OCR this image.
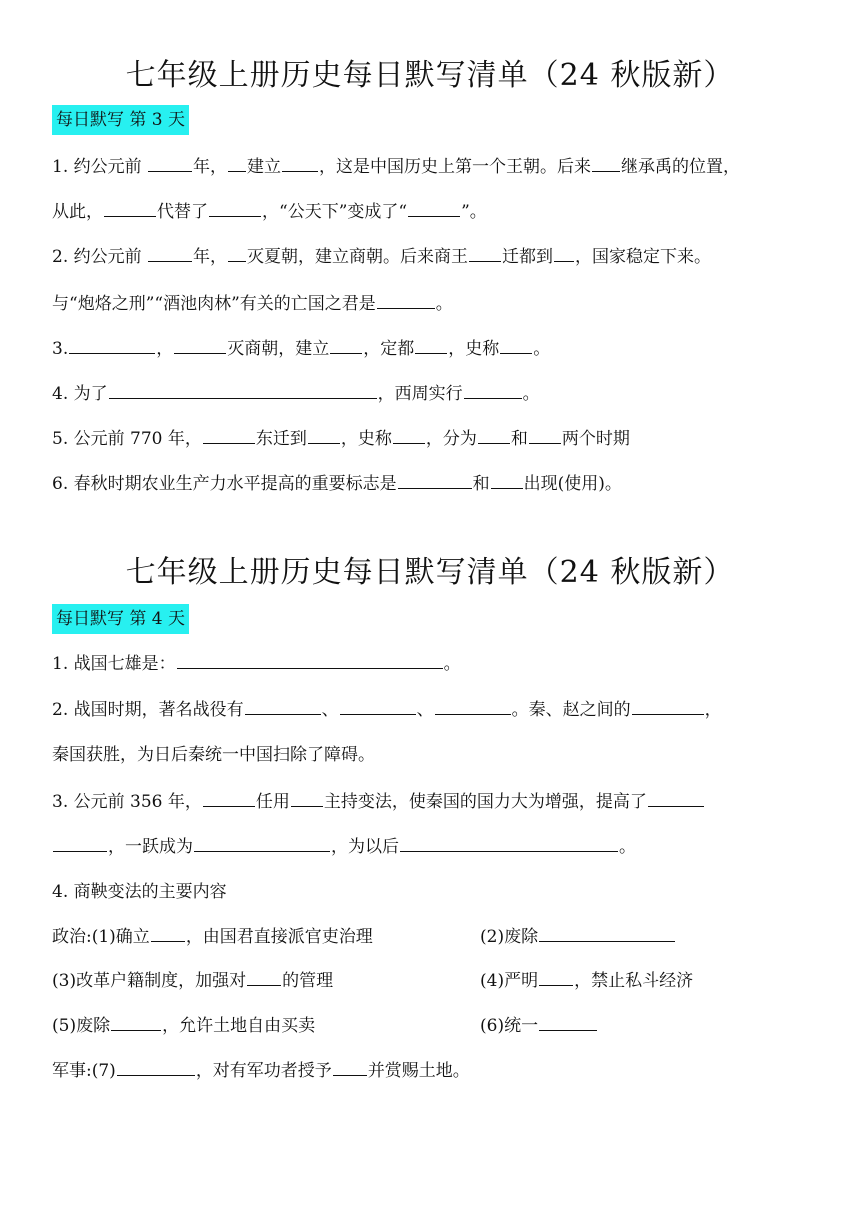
七年级上册历史每日默写清单（24 秋版新）
每日默写 第 3 天
1. 约公元前	年， 建立 ，这是中国历史上第一个王朝。后来 继承禹的位置，
从此，	代替了	，“公天下”变成了“	”。
2. 约公元前	年， 灭夏朝，建立商朝。后来商王 迁都到 ，国家稳定下来。
与“炮烙之刑”“酒池肉林”有关的亡国之君是	。
3.	，	灭商朝，建立 ，定都 ，史称 。
4. 为了	，西周实行	。
5. 公元前 770 年，	东迁到 ，史称 ，分为 和 两个时期
6. 春秋时期农业生产力水平提高的重要标志是	和 出现(使用)。
七年级上册历史每日默写清单（24 秋版新）
每日默写 第 4 天
1. 战国七雄是：	。
2. 战国时期，著名战役有	、	、	。秦、赵之间的	，
秦国获胜，为日后秦统一中国扫除了障碍。
3. 公元前 356 年，	任用 主持变法，使秦国的国力大为增强，提高了
，一跃成为	，为以后	。
4. 商鞅变法的主要内容
政治:(1)确立 ，由国君直接派官吏治理	(2)废除
(3)改革户籍制度，加强对 的管理	(4)严明 ，禁止私斗经济
(5)废除	，允许土地自由买卖	(6)统一
军事:(7)	，对有军功者授予 并赏赐土地。
